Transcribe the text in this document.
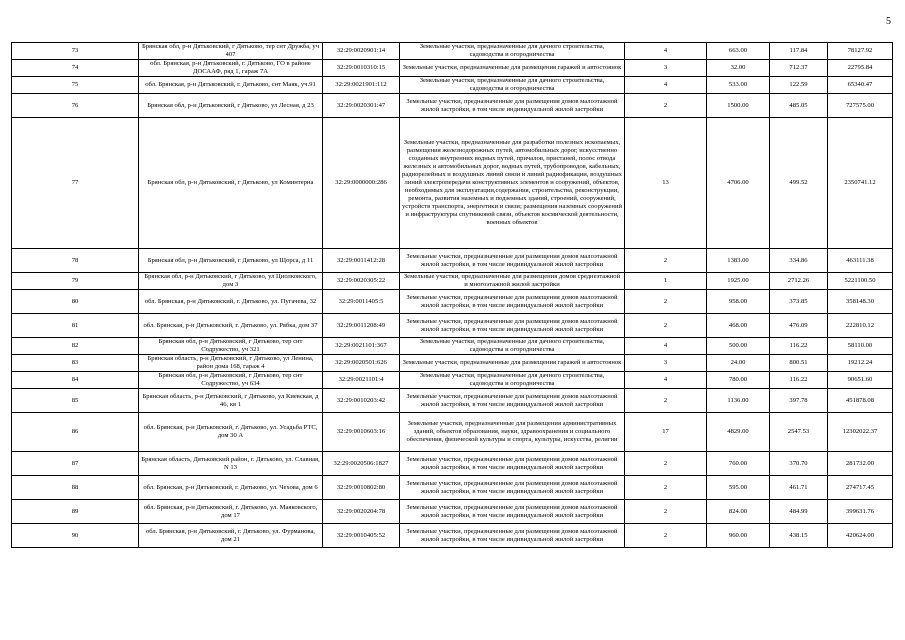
5
73	Брянская обл, р-н Дятьковский, г Дятьково, тер снт Дружба, уч 407	32:29:0020901:14	Земельные участки, предназначенные для дачного строительства, садоводства и огородничества	4	663.00	117.84	78127.92
74	обл. Брянская, р-н Дятьковский, г. Дятьково, ГО в районе ДОСААФ, ряд 1, гараж 7А	32:29:0010310:15	Земельные участки, предназначенные для размещения гаражей и автостоянок	3	32.00	712.37	22795.84
75	обл. Брянская, р-н Дятьковский, г. Дятьково, снт Маяк, уч.91	32:29:0021901:112	Земельные участки, предназначенные для дачного строительства, садоводства и огородничества	4	533.00	122.59	65340.47
76	Брянская обл, р-н Дятьковский, г Дятьково, ул Лесная, д 23	32:29:0020301:47	Земельные участки, предназначенные для размещения домов малоэтажной жилой застройки, в том числе индивидуальной жилой застройки	2	1500.00	485.05	727575.00
77	Брянская обл, р-н Дятьковский, г Дятьково, ул Коминтерна	32:29:0000000:286	Земельные участки, предназначенные для разработки полезных ископаемых, размещения железнодорожных путей, автомобильных дорог, искусственно созданных внутренних водных путей, причалов, пристаней, полос отвода железных и автомобильных дорог, водных путей, трубопроводов, кабельных, радиорелейных и воздушных линий связи и линий радиофикации, воздушных линий электропередачи конструктивных элементов и сооружений, объектов, необходимых для эксплуатации,содержания, строительства, реконструкции, ремонта, развития наземных и подземных зданий, строений, сооружений, устройств транспорта, энергетики и связи; размещения наземных сооружений и инфраструктуры спутниковой связи, объектов космической деятельности, военных объектов	13	4706.00	499.52	2350741.12
78	Брянская обл, р-н Дятьковский, г Дятьково, ул Щорса, д 11	32:29:0011412:28	Земельные участки, предназначенные для размещения домов малоэтажной жилой застройки, в том числе индивидуальной жилой застройки	2	1383.00	334.86	463111.38
79	Брянская обл, р-н Дятьковский, г Дятьково, ул Циолковского, дом 3	32:29:0020305:22	Земельные участки, предназначенные для размещения домов среднеэтажной и многоэтажной жилой застройки	1	1925.00	2712.26	5221100.50
80	обл. Брянская, р-н Дятьковский, г. Дятьково, ул. Пугачева, 32	32:29:0011405:5	Земельные участки, предназначенные для размещения домов малоэтажной жилой застройки, в том числе индивидуальной жилой застройки	2	958.00	373.85	358148.30
81	обл. Брянская, р-н Дятьковский, г. Дятьково, ул. Рябка, дом 37	32:29:0011208:49	Земельные участки, предназначенные для размещения домов малоэтажной жилой застройки, в том числе индивидуальной жилой застройки	2	468.00	476.09	222810.12
82	Брянская обл, р-н Дятьковский, г Дятьково, тер снт Содружество, уч 321	32:29:0021101:367	Земельные участки, предназначенные для дачного строительства, садоводства и огородничества	4	500.00	116.22	58110.00
83	Брянская область, р-н Дятьковский, г Дятьково, ул Ленина, район дома 168, гараж 4	32:29:0020501:626	Земельные участки, предназначенные для размещения гаражей и автостоянок	3	24.00	800.51	19212.24
84	Брянская обл, р-н Дятьковский, г Дятьково, тер снт Содружество, уч 634	32:29:0021101:4	Земельные участки, предназначенные для дачного строительства, садоводства и огородничества	4	780.00	116.22	90651.60
85	Брянская область, р-н Дятьковский, г Дятьково, ул Киевская, д 46, кв 1	32:29:0010203:42	Земельные участки, предназначенные для размещения домов малоэтажной жилой застройки, в том числе индивидуальной жилой застройки	2	1136.00	397.78	451878.08
86	обл. Брянская, р-н Дятьковский, г. Дятьково, ул. Усадьба РТС, дом 30 А	32:29:0010603:16	Земельные участки, предназначенные для размещения административных зданий, объектов образования, науки, здравоохранения и социального обеспечения, физической культуры и спорта, культуры, искусства, религии	17	4829.00	2547.53	12302022.37
87	Брянская область, Дятьковский район, г. Дятьково, ул. Славная, N 13	32:29:0020506:1827	Земельные участки, предназначенные для размещения домов малоэтажной жилой застройки, в том числе индивидуальной жилой застройки	2	760.00	370.70	281732.00
88	обл. Брянская, р-н Дятьковский, г. Дятьково, ул. Чехова, дом 6	32:29:0010802:80	Земельные участки, предназначенные для размещения домов малоэтажной жилой застройки, в том числе индивидуальной жилой застройки	2	595.00	461.71	274717.45
89	обл. Брянская, р-н Дятьковский, г. Дятьково, ул. Маяковского, дом 17	32:29:0020204:78	Земельные участки, предназначенные для размещения домов малоэтажной жилой застройки, в том числе индивидуальной жилой застройки	2	824.00	484.99	399631.76
90	обл. Брянская, р-н Дятьковский, г. Дятьково, ул. Фурманова, дом 21	32:29:0010405:52	Земельные участки, предназначенные для размещения домов малоэтажной жилой застройки, в том числе индивидуальной жилой застройки	2	960.00	438.15	420624.00
